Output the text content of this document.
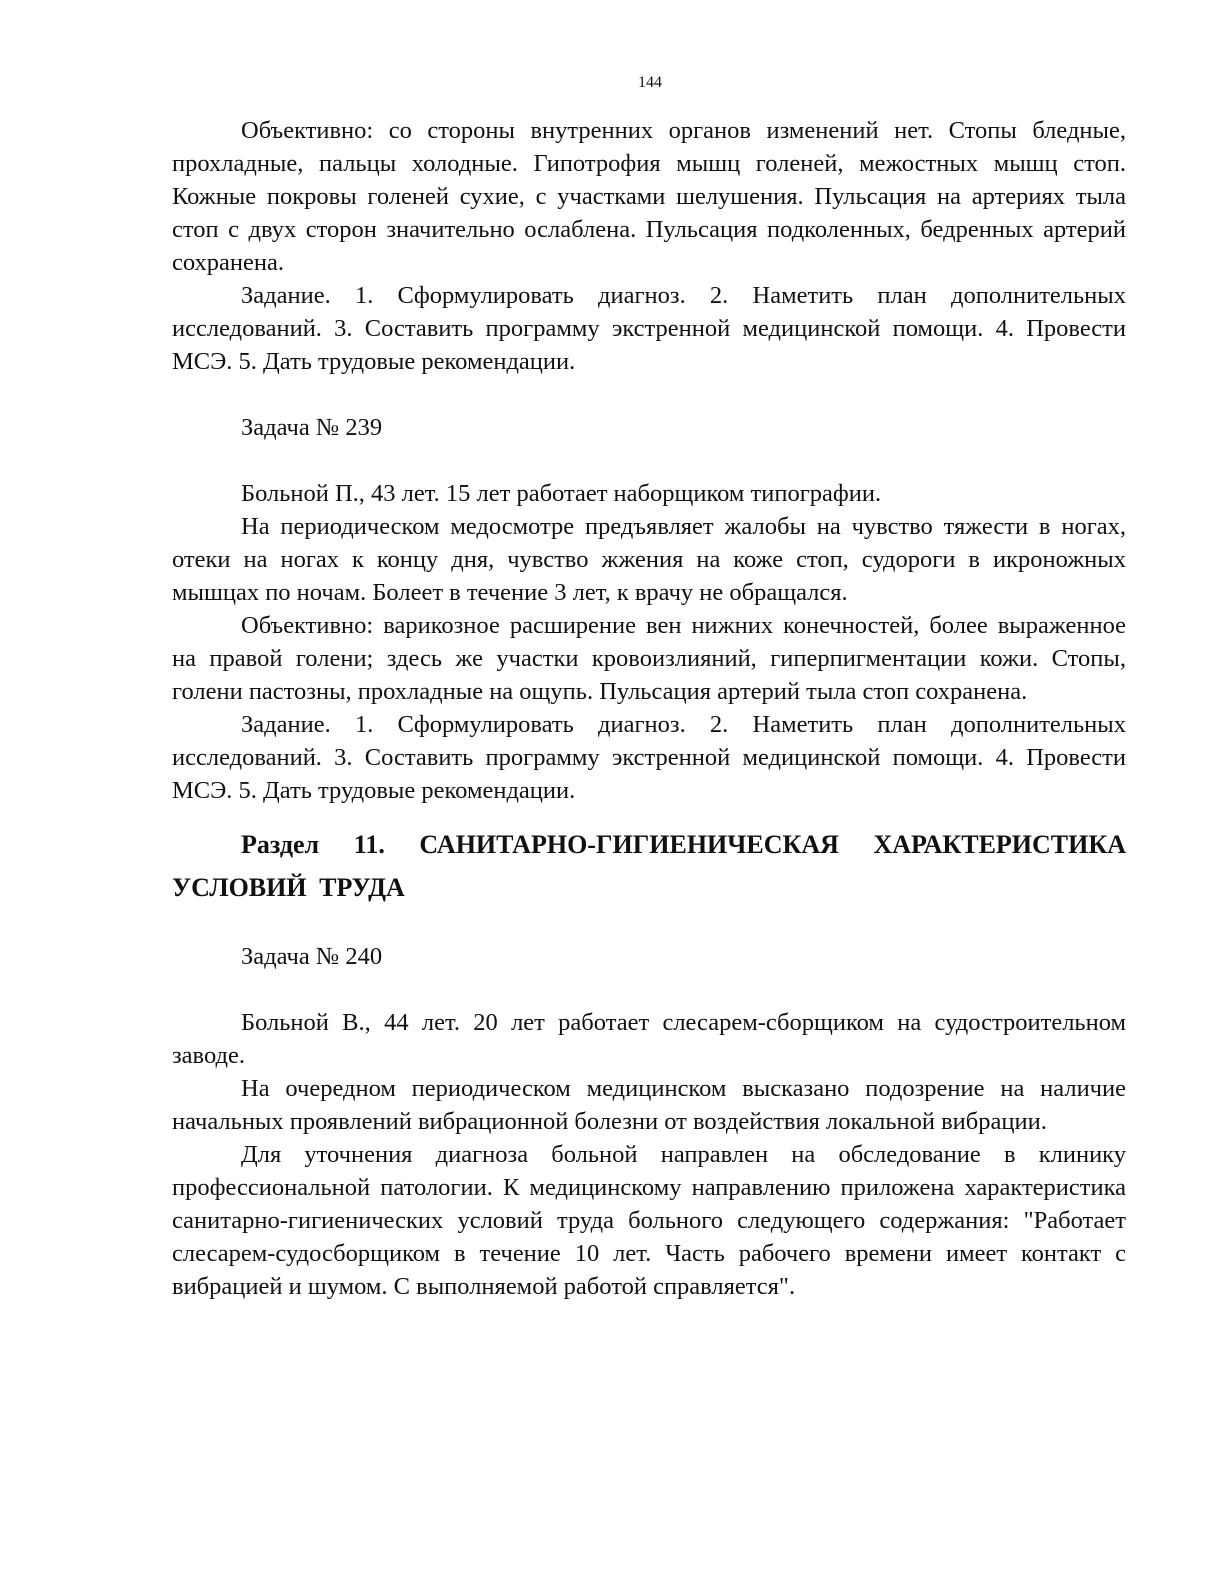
144

Объективно: со стороны внутренних органов изменений нет. Стопы бледные, прохладные, пальцы холодные. Гипотрофия мышц голеней, межостных мышц стоп. Кожные покровы голеней сухие, с участками шелушения. Пульсация на артериях тыла стоп с двух сторон значительно ослаблена. Пульсация подколенных, бедренных артерий сохранена.

Задание. 1. Сформулировать диагноз. 2. Наметить план дополнительных исследований. 3. Составить программу экстренной медицинской помощи. 4. Провести МСЭ. 5. Дать трудовые рекомендации.

Задача № 239

Больной П., 43 лет. 15 лет работает наборщиком типографии.

На периодическом медосмотре предъявляет жалобы на чувство тяжести в ногах, отеки на ногах к концу дня, чувство жжения на коже стоп, судороги в икроножных мышцах по ночам. Болеет в течение 3 лет, к врачу не обращался.

Объективно: варикозное расширение вен нижних конечностей, более выраженное на правой голени; здесь же участки кровоизлияний, гиперпигментации кожи. Стопы, голени пастозны, прохладные на ощупь. Пульсация артерий тыла стоп сохранена.

Задание. 1. Сформулировать диагноз. 2. Наметить план дополнительных исследований. 3. Составить программу экстренной медицинской помощи. 4. Провести МСЭ. 5. Дать трудовые рекомендации.

Раздел 11. САНИТАРНО-ГИГИЕНИЧЕСКАЯ ХАРАКТЕРИСТИКА УСЛОВИЙ ТРУДА

Задача № 240

Больной В., 44 лет. 20 лет работает слесарем-сборщиком на судостроительном заводе.

На очередном периодическом медицинском высказано подозрение на наличие начальных проявлений вибрационной болезни от воздействия локальной вибрации.

Для уточнения диагноза больной направлен на обследование в клинику профессиональной патологии. К медицинскому направлению приложена характеристика санитарно-гигиенических условий труда больного следующего содержания: "Работает слесарем-судосборщиком в течение 10 лет. Часть рабочего времени имеет контакт с вибрацией и шумом. С выполняемой работой справляется".
